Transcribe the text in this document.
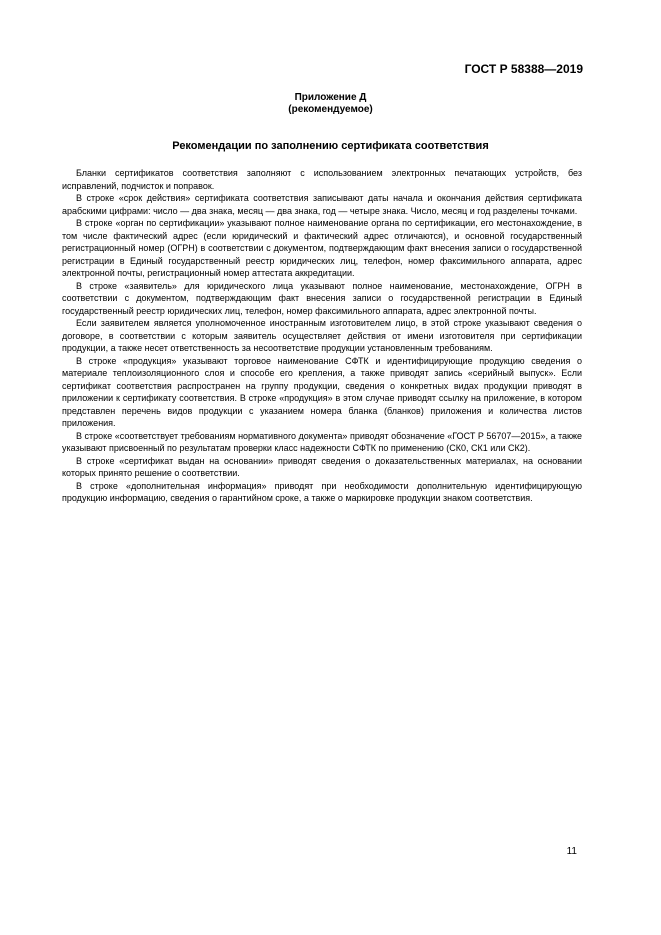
ГОСТ Р 58388—2019
Приложение Д
(рекомендуемое)
Рекомендации по заполнению сертификата соответствия

Бланки сертификатов соответствия заполняют с использованием электронных печатающих устройств, без исправлений, подчисток и поправок.

В строке «срок действия» сертификата соответствия записывают даты начала и окончания действия сертификата арабскими цифрами: число — два знака, месяц — два знака, год — четыре знака. Число, месяц и год разделены точками.

В строке «орган по сертификации» указывают полное наименование органа по сертификации, его местонахождение, в том числе фактический адрес (если юридический и фактический адрес отличаются), и основной государственный регистрационный номер (ОГРН) в соответствии с документом, подтверждающим факт внесения записи о государственной регистрации в Единый государственный реестр юридических лиц, телефон, номер факсимильного аппарата, адрес электронной почты, регистрационный номер аттестата аккредитации.

В строке «заявитель» для юридического лица указывают полное наименование, местонахождение, ОГРН в соответствии с документом, подтверждающим факт внесения записи о государственной регистрации в Единый государственный реестр юридических лиц, телефон, номер факсимильного аппарата, адрес электронной почты.

Если заявителем является уполномоченное иностранным изготовителем лицо, в этой строке указывают сведения о договоре, в соответствии с которым заявитель осуществляет действия от имени изготовителя при сертификации продукции, а также несет ответственность за несоответствие продукции установленным требованиям.

В строке «продукция» указывают торговое наименование СФТК и идентифицирующие продукцию сведения о материале теплоизоляционного слоя и способе его крепления, а также приводят запись «серийный выпуск». Если сертификат соответствия распространен на группу продукции, сведения о конкретных видах продукции приводят в приложении к сертификату соответствия. В строке «продукция» в этом случае приводят ссылку на приложение, в котором представлен перечень видов продукции с указанием номера бланка (бланков) приложения и количества листов приложения.

В строке «соответствует требованиям нормативного документа» приводят обозначение «ГОСТ Р 56707—2015», а также указывают присвоенный по результатам проверки класс надежности СФТК по применению (СК0, СК1 или СК2).

В строке «сертификат выдан на основании» приводят сведения о доказательственных материалах, на основании которых принято решение о соответствии.

В строке «дополнительная информация» приводят при необходимости дополнительную идентифицирующую продукцию информацию, сведения о гарантийном сроке, а также о маркировке продукции знаком соответствия.

11
